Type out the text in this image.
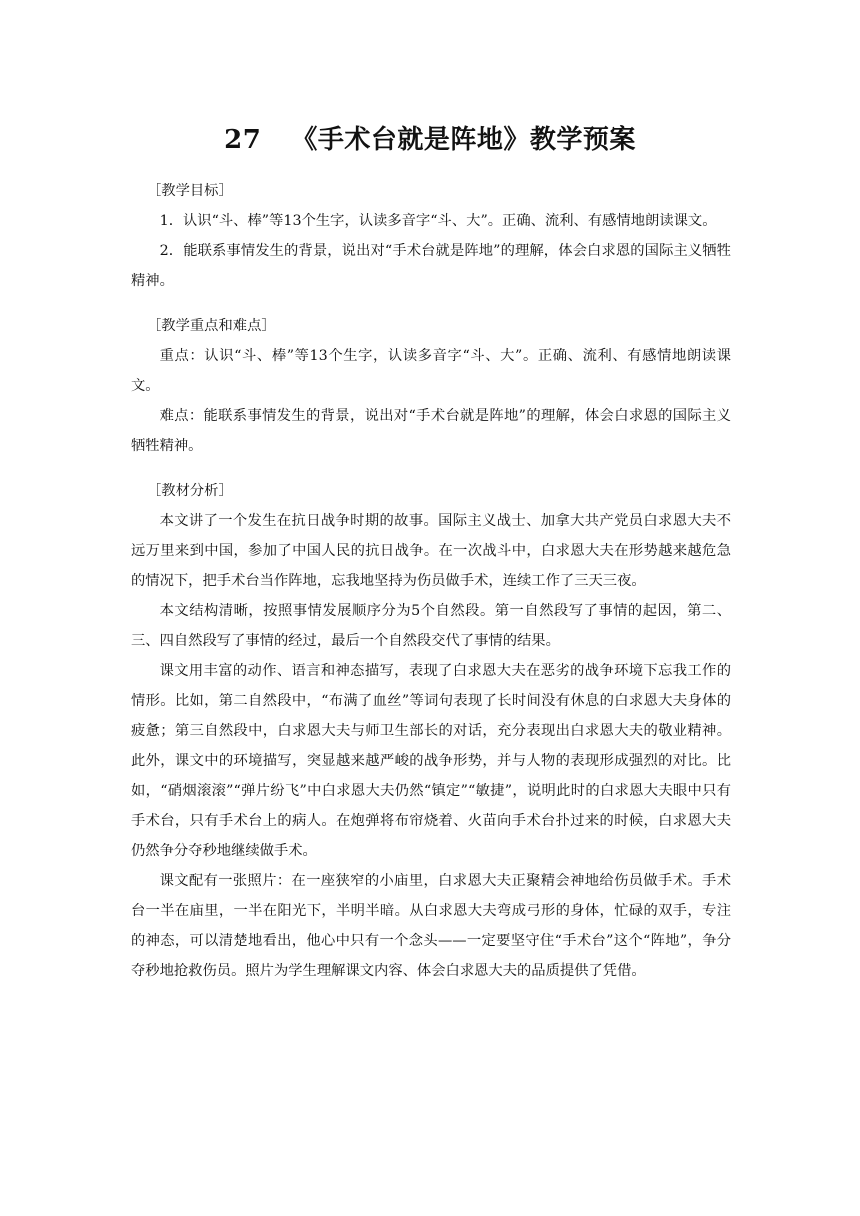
27 《手术台就是阵地》教学预案

［教学目标］

1．认识“斗、棒”等13个生字，认读多音字“斗、大”。正确、流利、有感情地朗读课文。

2．能联系事情发生的背景，说出对“手术台就是阵地”的理解，体会白求恩的国际主义牺牲精神。

［教学重点和难点］

重点：认识“斗、棒”等13个生字，认读多音字“斗、大”。正确、流利、有感情地朗读课文。

难点：能联系事情发生的背景，说出对“手术台就是阵地”的理解，体会白求恩的国际主义牺牲精神。

［教材分析］

本文讲了一个发生在抗日战争时期的故事。国际主义战士、加拿大共产党员白求恩大夫不远万里来到中国，参加了中国人民的抗日战争。在一次战斗中，白求恩大夫在形势越来越危急的情况下，把手术台当作阵地，忘我地坚持为伤员做手术，连续工作了三天三夜。

本文结构清晰，按照事情发展顺序分为5个自然段。第一自然段写了事情的起因，第二、三、四自然段写了事情的经过，最后一个自然段交代了事情的结果。

课文用丰富的动作、语言和神态描写，表现了白求恩大夫在恶劣的战争环境下忘我工作的情形。比如，第二自然段中，“布满了血丝”等词句表现了长时间没有休息的白求恩大夫身体的疲惫；第三自然段中，白求恩大夫与师卫生部长的对话，充分表现出白求恩大夫的敬业精神。此外，课文中的环境描写，突显越来越严峻的战争形势，并与人物的表现形成强烈的对比。比如，“硝烟滚滚”“弹片纷飞”中白求恩大夫仍然“镇定”“敏捷”，说明此时的白求恩大夫眼中只有手术台，只有手术台上的病人。在炮弹将布帘烧着、火苗向手术台扑过来的时候，白求恩大夫仍然争分夺秒地继续做手术。

课文配有一张照片：在一座狭窄的小庙里，白求恩大夫正聚精会神地给伤员做手术。手术台一半在庙里，一半在阳光下，半明半暗。从白求恩大夫弯成弓形的身体，忙碌的双手，专注的神态，可以清楚地看出，他心中只有一个念头——一定要坚守住“手术台”这个“阵地”，争分夺秒地抢救伤员。照片为学生理解课文内容、体会白求恩大夫的品质提供了凭借。
